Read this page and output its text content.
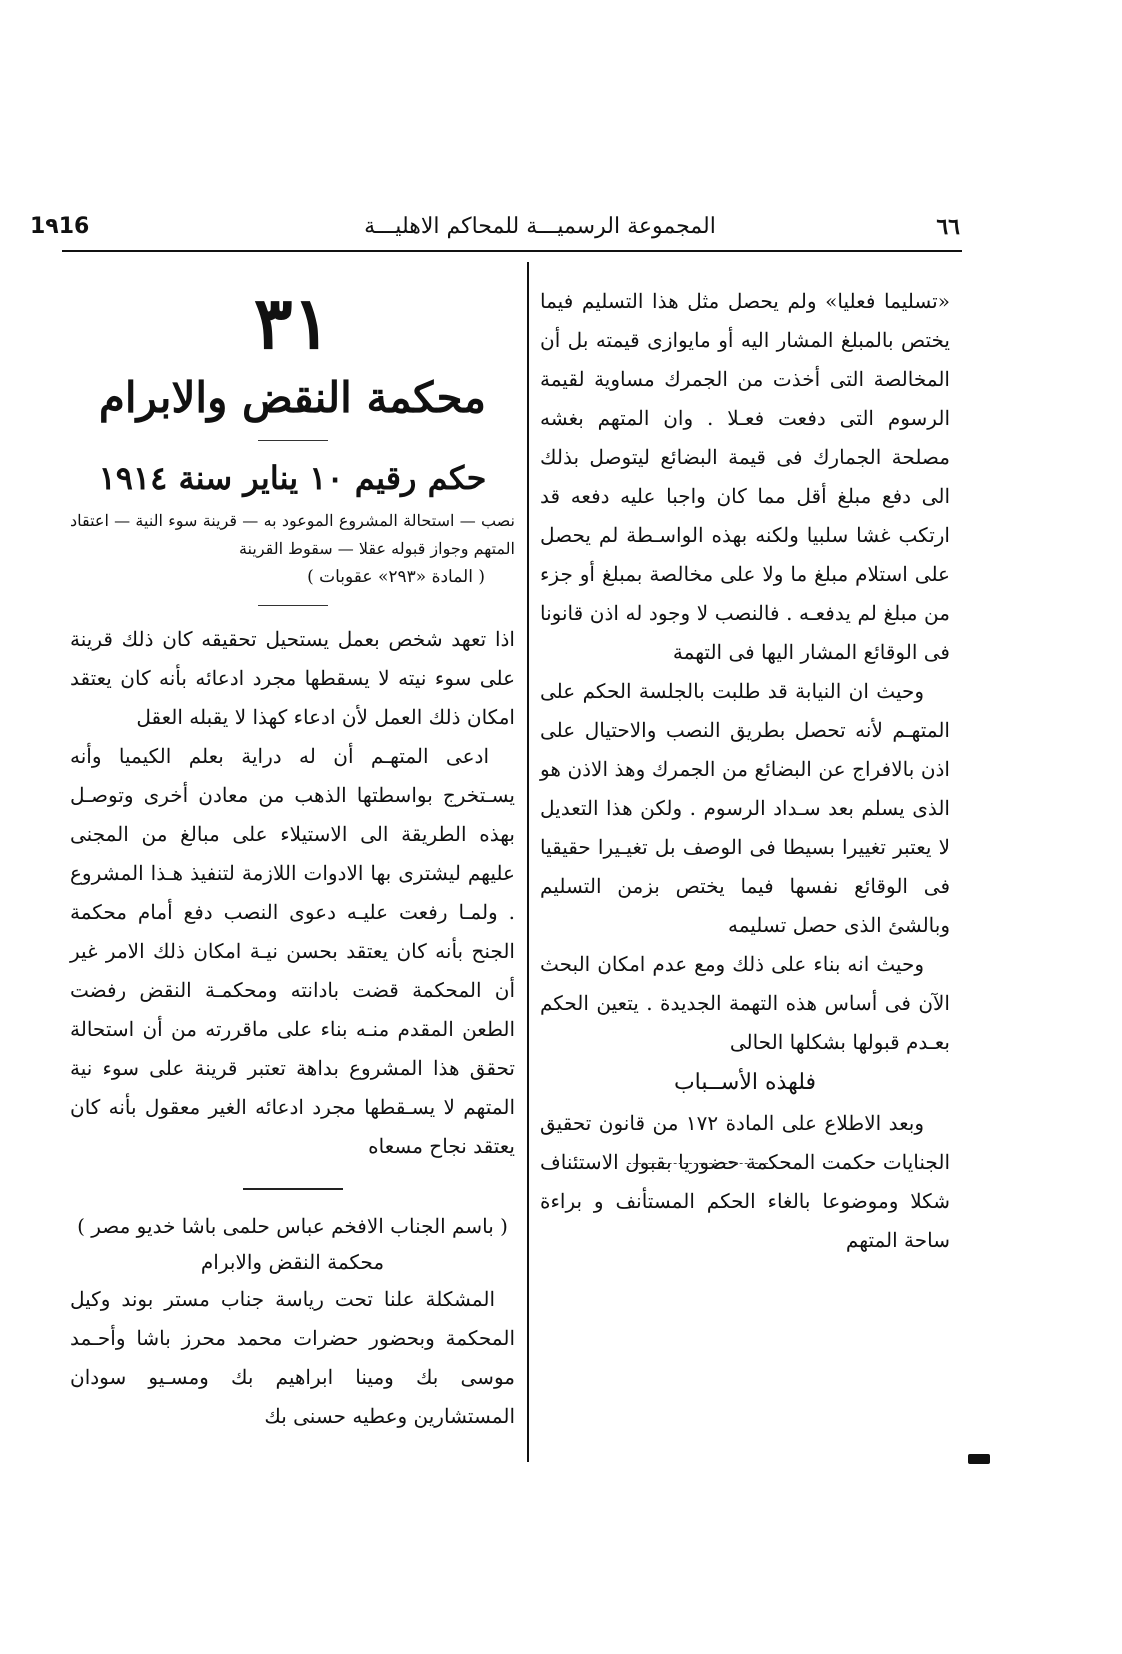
٦٦
المجموعة الرسميـــة للمحاكم الاهليـــة
1٩16

«تسليما فعليا» ولم يحصل مثل هذا التسليم فيما يختص بالمبلغ المشار اليه أو مايوازى قيمته بل أن المخالصة التى أخذت من الجمرك مساوية لقيمة الرسوم التى دفعت فعـلا . وان المتهم بغشه مصلحة الجمارك فى قيمة البضائع ليتوصل بذلك الى دفع مبلغ أقل مما كان واجبا عليه دفعه قد ارتكب غشا سلبيا ولكنه بهذه الواسـطة لم يحصل على استلام مبلغ ما ولا على مخالصة بمبلغ أو جزء من مبلغ لم يدفعـه . فالنصب لا وجود له اذن قانونا فى الوقائع المشار اليها فى التهمة

وحيث ان النيابة قد طلبت بالجلسة الحكم على المتهـم لأنه تحصل بطريق النصب والاحتيال على اذن بالافراج عن البضائع من الجمرك وهذ الاذن هو الذى يسلم بعد سـداد الرسوم . ولكن هذا التعديل لا يعتبر تغييرا بسيطا فى الوصف بل تغيـيرا حقيقيا فى الوقائع نفسها فيما يختص بزمن التسليم وبالشئ الذى حصل تسليمه

وحيث انه بناء على ذلك ومع عدم امكان البحث الآن فى أساس هذه التهمة الجديدة . يتعين الحكم بعـدم قبولها بشكلها الحالى

فلهذه الأســباب

وبعد الاطلاع على المادة ١٧٢ من قانون تحقيق الجنايات حكمت المحكمة حضوريا بقبول الاستئناف شكلا وموضوعا بالغاء الحكم المستأنف و براءة ساحة المتهم

٣١

محكمة النقض والابرام

حكم رقيم ١٠ يناير سنة ١٩١٤

نصب — استحالة المشروع الموعود به — قرينة سوء النية — اعتقاد المتهم وجواز قبوله عقلا — سقوط القرينة

( المادة «٢٩٣» عقوبات )

اذا تعهد شخص بعمل يستحيل تحقيقه كان ذلك قرينة على سوء نيته لا يسقطها مجرد ادعائه بأنه كان يعتقد امكان ذلك العمل لأن ادعاء كهذا لا يقبله العقل

ادعى المتهـم أن له دراية بعلم الكيميا وأنه يسـتخرج بواسطتها الذهب من معادن أخرى وتوصـل بهذه الطريقة الى الاستيلاء على مبالغ من المجنى عليهم ليشترى بها الادوات اللازمة لتنفيذ هـذا المشروع . ولمـا رفعت عليـه دعوى النصب دفع أمام محكمة الجنح بأنه كان يعتقد بحسن نيـة امكان ذلك الامر غير أن المحكمة قضت بادانته ومحكمـة النقض رفضت الطعن المقدم منـه بناء على ماقررته من أن استحالة تحقق هذا المشروع بداهة تعتبر قرينة على سوء نية المتهم لا يسـقطها مجرد ادعائه الغير معقول بأنه كان يعتقد نجاح مسعاه

( باسم الجناب الافخم عباس حلمى باشا خديو مصر )

محكمة النقض والابرام

المشكلة علنا تحت رياسة جناب مستر بوند وكيل المحكمة وبحضور حضرات محمد محرز باشا وأحـمد موسى بك ومينا ابراهيم بك ومسـيو سودان المستشارين وعطيه حسنى بك
